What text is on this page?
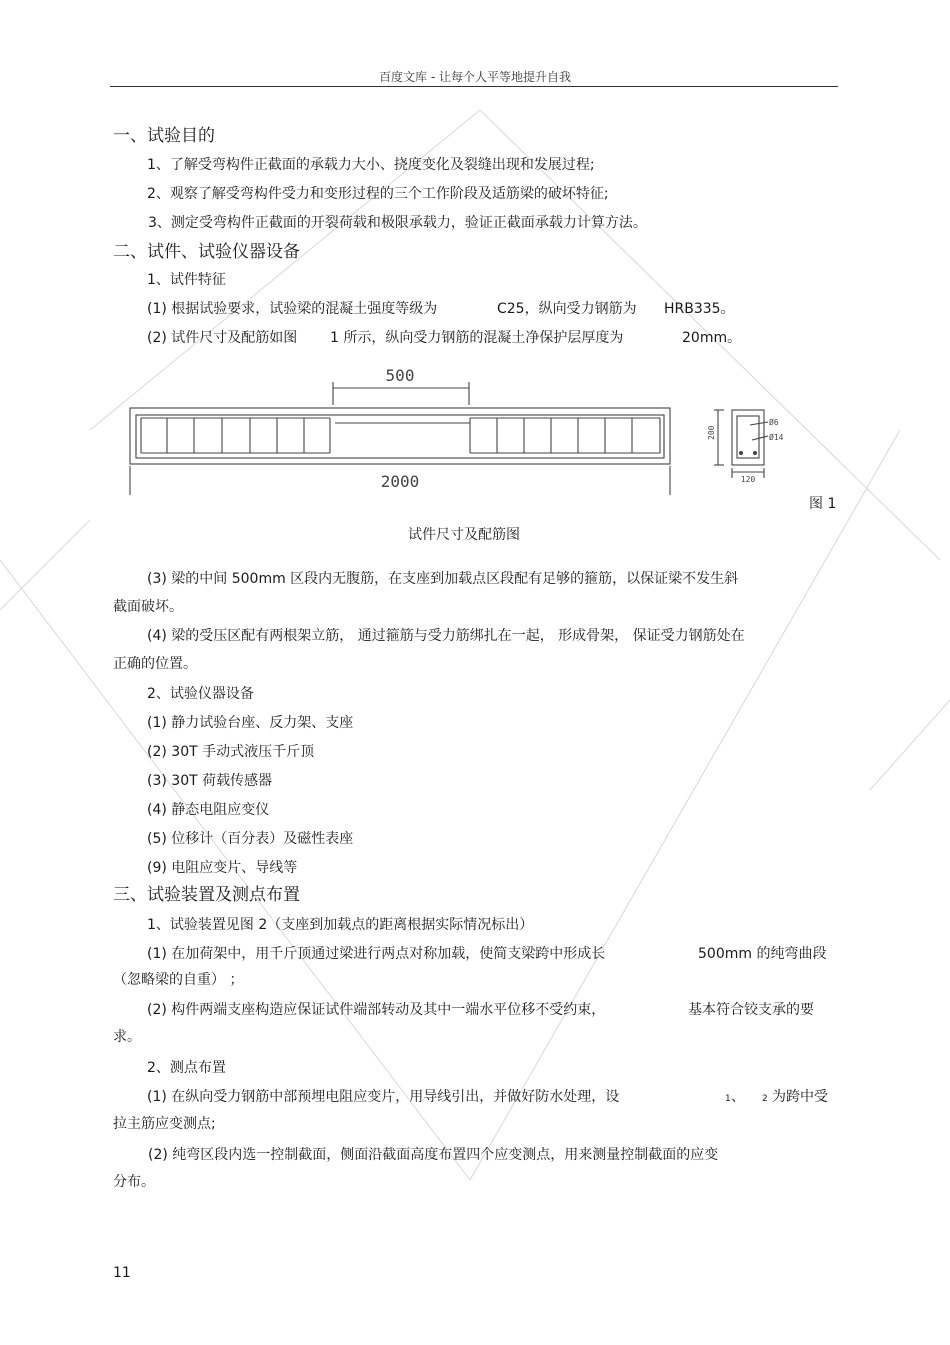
百度文库 - 让每个人平等地提升自我
一、试验目的
1、了解受弯构件正截面的承载力大小、挠度变化及裂缝出现和发展过程;
2、观察了解受弯构件受力和变形过程的三个工作阶段及适筋梁的破坏特征;
3、测定受弯构件正截面的开裂荷载和极限承载力，验证正截面承载力计算方法。
二、试件、试验仪器设备
1、试件特征
(1) 根据试验要求，试验梁的混凝土强度等级为	C25，纵向受力钢筋为 HRB335。
(2) 试件尺寸及配筋如图 1 所示，纵向受力钢筋的混凝土净保护层厚度为	20mm。
500
2000
200
120
Ø6
Ø14
图 1
试件尺寸及配筋图
(3) 梁的中间 500mm 区段内无腹筋，在支座到加载点区段配有足够的箍筋，以保证梁不发生斜
截面破坏。
(4) 梁的受压区配有两根架立筋， 通过箍筋与受力筋绑扎在一起， 形成骨架， 保证受力钢筋处在
正确的位置。
2、试验仪器设备
(1) 静力试验台座、反力架、支座
(2) 30T 手动式液压千斤顶
(3) 30T 荷载传感器
(4) 静态电阻应变仪
(5) 位移计（百分表）及磁性表座
(9) 电阻应变片、导线等
三、试验装置及测点布置
1、试验装置见图 2（支座到加载点的距离根据实际情况标出）
(1) 在加荷架中，用千斤顶通过梁进行两点对称加载，使简支梁跨中形成长	500mm 的纯弯曲段
（忽略梁的自重） ；
(2) 构件两端支座构造应保证试件端部转动及其中一端水平位移不受约束，	基本符合铰支承的要
求。
2、测点布置
(1) 在纵向受力钢筋中部预埋电阻应变片，用导线引出，并做好防水处理，设	1 、 2 为跨中受
拉主筋应变测点;
(2) 纯弯区段内选一控制截面，侧面沿截面高度布置四个应变测点，用来测量控制截面的应变
分布。
11
